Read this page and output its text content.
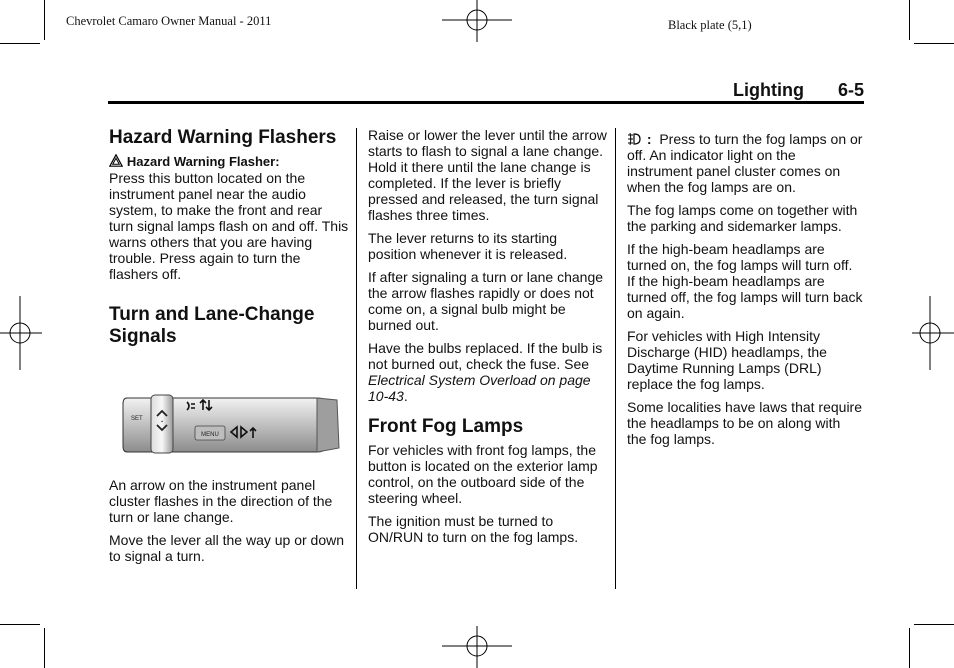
Chevrolet Camaro Owner Manual - 2011	Black plate (5,1)
Lighting 6-5
Hazard Warning Flashers
Hazard Warning Flasher:
Press this button located on the instrument panel near the audio system, to make the front and rear turn signal lamps flash on and off. This warns others that you are having trouble. Press again to turn the flashers off.
Turn and Lane-Change Signals
▪
SET
MENU

An arrow on the instrument panel cluster flashes in the direction of the turn or lane change.

Move the lever all the way up or down to signal a turn.

Raise or lower the lever until the arrow starts to flash to signal a lane change. Hold it there until the lane change is completed. If the lever is briefly pressed and released, the turn signal flashes three times.

The lever returns to its starting position whenever it is released.

If after signaling a turn or lane change the arrow flashes rapidly or does not come on, a signal bulb might be burned out.

Have the bulbs replaced. If the bulb is not burned out, check the fuse. See Electrical System Overload on page 10-43.

Front Fog Lamps

For vehicles with front fog lamps, the button is located on the exterior lamp control, on the outboard side of the steering wheel.

The ignition must be turned to ON/RUN to turn on the fog lamps.

: Press to turn the fog lamps on or off. An indicator light on the instrument panel cluster comes on when the fog lamps are on.

The fog lamps come on together with the parking and sidemarker lamps.

If the high-beam headlamps are turned on, the fog lamps will turn off. If the high-beam headlamps are turned off, the fog lamps will turn back on again.

For vehicles with High Intensity Discharge (HID) headlamps, the Daytime Running Lamps (DRL) replace the fog lamps.

Some localities have laws that require the headlamps to be on along with the fog lamps.
